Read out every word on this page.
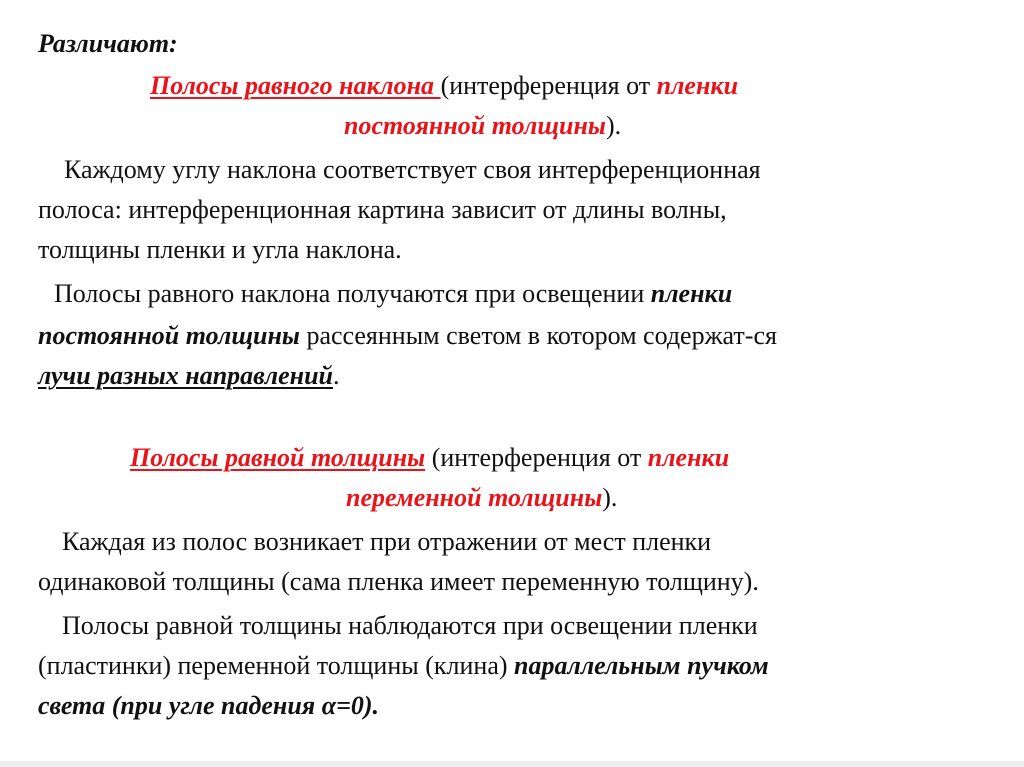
Различают:
Полосы равного наклона (интерференция от пленки
постоянной толщины).
Каждому углу наклона соответствует своя интерференционная
полоса: интерференционная картина зависит от длины волны,
толщины пленки и угла наклона.
Полосы равного наклона получаются при освещении пленки
постоянной толщины рассеянным светом в котором содержат-ся
лучи разных направлений.
Полосы равной толщины (интерференция от пленки
переменной толщины).
Каждая из полос возникает при отражении от мест пленки
одинаковой толщины (сама пленка имеет переменную толщину).
Полосы равной толщины наблюдаются при освещении пленки
(пластинки) переменной толщины (клина) параллельным пучком
света (при угле падения α=0).
